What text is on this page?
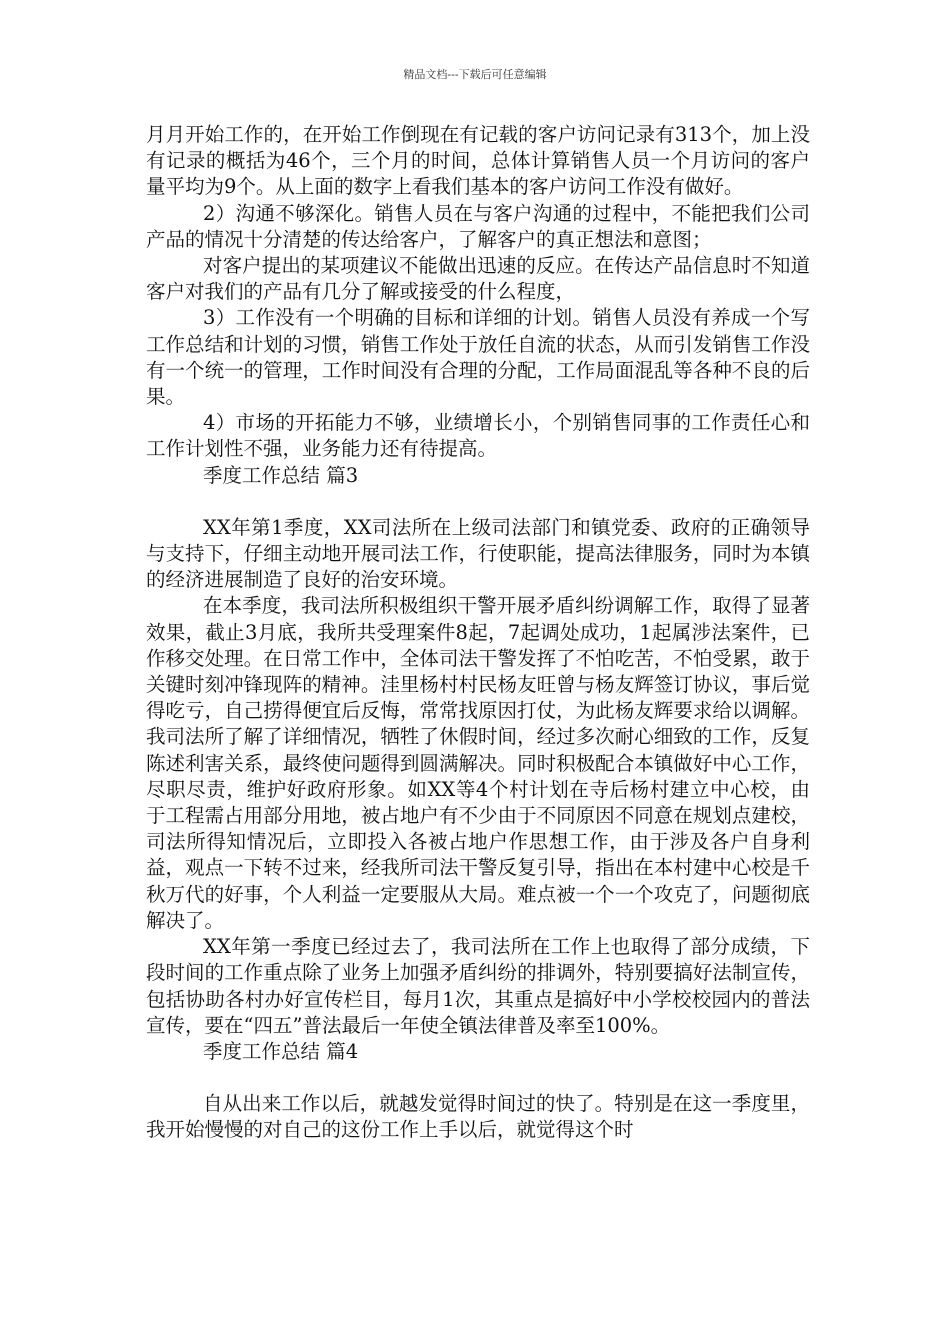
精品文档---下载后可任意编辑

月月开始工作的，在开始工作倒现在有记载的客户访问记录有313个，加上没有记录的概括为46个，三个月的时间，总体计算销售人员一个月访问的客户量平均为9个。从上面的数字上看我们基本的客户访问工作没有做好。

2）沟通不够深化。销售人员在与客户沟通的过程中，不能把我们公司产品的情况十分清楚的传达给客户，了解客户的真正想法和意图；

对客户提出的某项建议不能做出迅速的反应。在传达产品信息时不知道客户对我们的产品有几分了解或接受的什么程度，

3）工作没有一个明确的目标和详细的计划。销售人员没有养成一个写工作总结和计划的习惯，销售工作处于放任自流的状态，从而引发销售工作没有一个统一的管理，工作时间没有合理的分配，工作局面混乱等各种不良的后果。

4）市场的开拓能力不够，业绩增长小，个别销售同事的工作责任心和工作计划性不强，业务能力还有待提高。

季度工作总结 篇3

XX年第1季度，XX司法所在上级司法部门和镇党委、政府的正确领导与支持下，仔细主动地开展司法工作，行使职能，提高法律服务，同时为本镇的经济进展制造了良好的治安环境。

在本季度，我司法所积极组织干警开展矛盾纠纷调解工作，取得了显著效果，截止3月底，我所共受理案件8起，7起调处成功，1起属涉法案件，已作移交处理。在日常工作中，全体司法干警发挥了不怕吃苦，不怕受累，敢于关键时刻冲锋现阵的精神。洼里杨村村民杨友旺曾与杨友辉签订协议，事后觉得吃亏，自己捞得便宜后反悔，常常找原因打仗，为此杨友辉要求给以调解。我司法所了解了详细情况，牺牲了休假时间，经过多次耐心细致的工作，反复陈述利害关系，最终使问题得到圆满解决。同时积极配合本镇做好中心工作，尽职尽责，维护好政府形象。如XX等4个村计划在寺后杨村建立中心校，由于工程需占用部分用地，被占地户有不少由于不同原因不同意在规划点建校，司法所得知情况后，立即投入各被占地户作思想工作，由于涉及各户自身利益，观点一下转不过来，经我所司法干警反复引导，指出在本村建中心校是千秋万代的好事，个人利益一定要服从大局。难点被一个一个攻克了，问题彻底解决了。

XX年第一季度已经过去了，我司法所在工作上也取得了部分成绩，下段时间的工作重点除了业务上加强矛盾纠纷的排调外，特别要搞好法制宣传，包括协助各村办好宣传栏目，每月1次，其重点是搞好中小学校校园内的普法宣传，要在“四五”普法最后一年使全镇法律普及率至100%。

季度工作总结 篇4

自从出来工作以后，就越发觉得时间过的快了。特别是在这一季度里，我开始慢慢的对自己的这份工作上手以后，就觉得这个时
